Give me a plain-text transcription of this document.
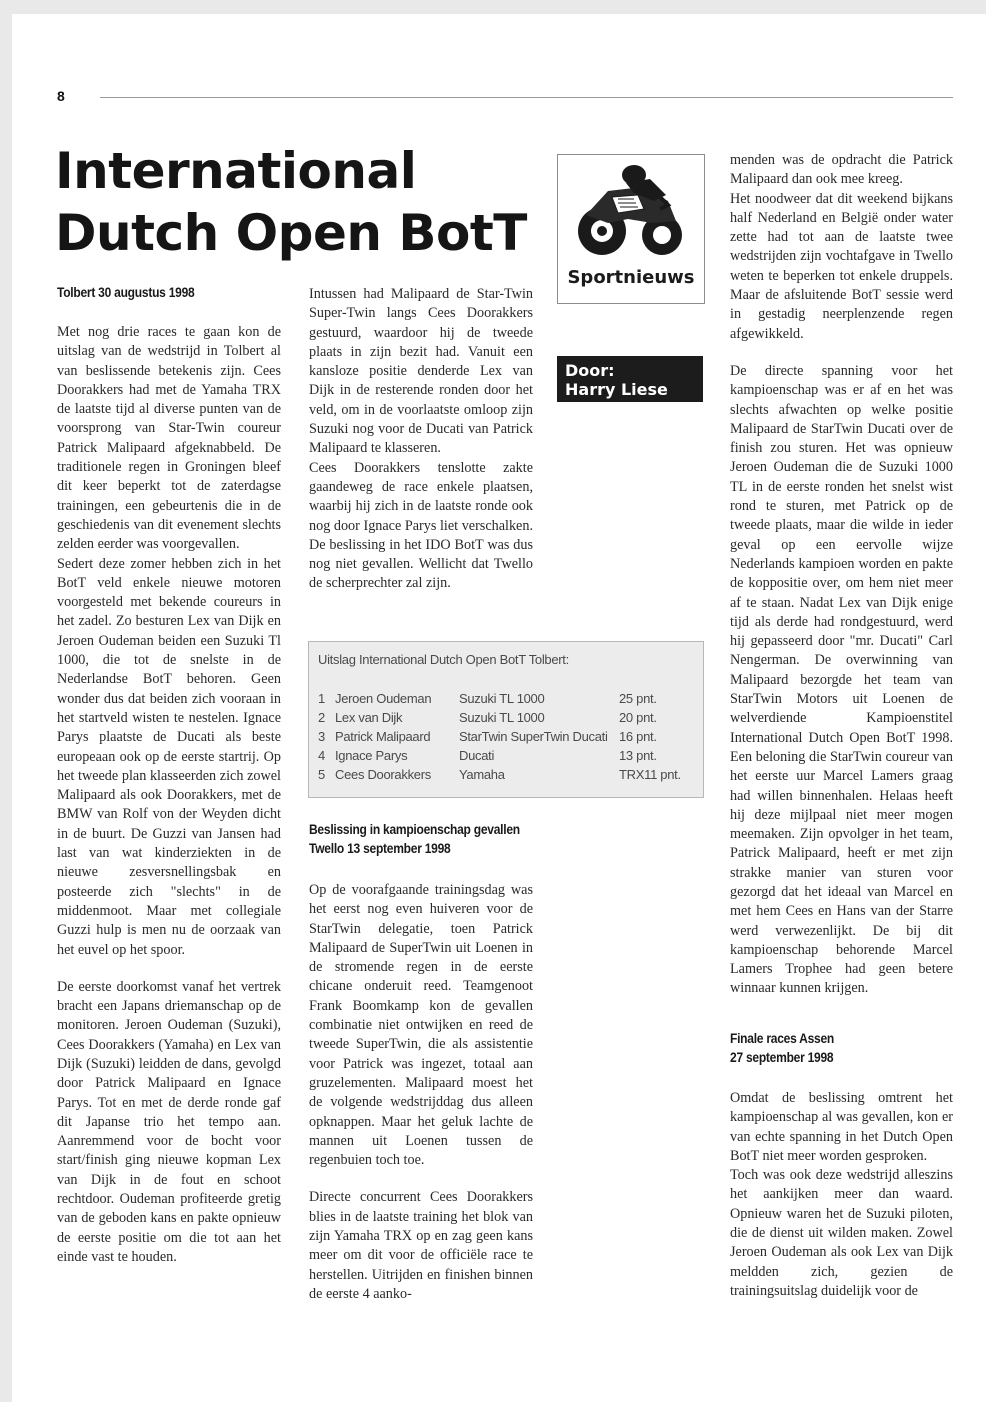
8
International Dutch Open BotT
Tolbert 30 augustus 1998

Met nog drie races te gaan kon de uitslag van de wedstrijd in Tolbert al van beslissende betekenis zijn. Cees Doorakkers had met de Yamaha TRX de laatste tijd al diverse punten van de voorsprong van Star-Twin coureur Patrick Malipaard afgeknabbeld. De traditionele regen in Groningen bleef dit keer beperkt tot de zaterdagse trainingen, een gebeurtenis die in de geschiedenis van dit evenement slechts zelden eerder was voorgevallen.

Sedert deze zomer hebben zich in het BotT veld enkele nieuwe motoren voorgesteld met bekende coureurs in het zadel. Zo besturen Lex van Dijk en Jeroen Oudeman beiden een Suzuki Tl 1000, die tot de snelste in de Nederlandse BotT behoren. Geen wonder dus dat beiden zich vooraan in het startveld wisten te nestelen. Ignace Parys plaatste de Ducati als beste europeaan ook op de eerste startrij. Op het tweede plan klasseerden zich zowel Malipaard als ook Doorakkers, met de BMW van Rolf von der Weyden dicht in de buurt. De Guzzi van Jansen had last van wat kinderziekten in de nieuwe zesversnellingsbak en posteerde zich "slechts" in de middenmoot. Maar met collegiale Guzzi hulp is men nu de oorzaak van het euvel op het spoor.

De eerste doorkomst vanaf het vertrek bracht een Japans driemanschap op de monitoren. Jeroen Oudeman (Suzuki), Cees Doorakkers (Yamaha) en Lex van Dijk (Suzuki) leidden de dans, gevolgd door Patrick Malipaard en Ignace Parys. Tot en met de derde ronde gaf dit Japanse trio het tempo aan. Aanremmend voor de bocht voor start/finish ging nieuwe kopman Lex van Dijk in de fout en schoot rechtdoor. Oudeman profiteerde gretig van de geboden kans en pakte opnieuw de eerste positie om die tot aan het einde vast te houden.

Intussen had Malipaard de Star-Twin Super-Twin langs Cees Doorakkers gestuurd, waardoor hij de tweede plaats in zijn bezit had. Vanuit een kansloze positie denderde Lex van Dijk in de resterende ronden door het veld, om in de voorlaatste omloop zijn Suzuki nog voor de Ducati van Patrick Malipaard te klasseren.

Cees Doorakkers tenslotte zakte gaandeweg de race enkele plaatsen, waarbij hij zich in de laatste ronde ook nog door Ignace Parys liet verschalken. De beslissing in het IDO BotT was dus nog niet gevallen. Wellicht dat Twello de scherprechter zal zijn.

Uitslag International Dutch Open BotT Tolbert:
1 Jeroen Oudeman Suzuki TL 1000	25 pnt.
2 Lex van Dijk	Suzuki TL 1000	20 pnt.
3 Patrick Malipaard StarTwin SuperTwin Ducati 16 pnt.
4 Ignace Parys	Ducati	13 pnt.
5 Cees Doorakkers Yamaha	TRX11 pnt.
Beslissing in kampioenschap gevallen
Twello 13 september 1998

Op de voorafgaande trainingsdag was het eerst nog even huiveren voor de StarTwin delegatie, toen Patrick Malipaard de SuperTwin uit Loenen in de stromende regen in de eerste chicane onderuit reed. Teamgenoot Frank Boomkamp kon de gevallen combinatie niet ontwijken en reed de tweede SuperTwin, die als assistentie voor Patrick was ingezet, totaal aan gruzelementen. Malipaard moest het de volgende wedstrijddag dus alleen opknappen. Maar het geluk lachte de mannen uit Loenen tussen de regenbuien toch toe.

Directe concurrent Cees Doorakkers blies in de laatste training het blok van zijn Yamaha TRX op en zag geen kans meer om dit voor de officiële race te herstellen. Uitrijden en finishen binnen de eerste 4 aanko-

Sportnieuws
Door:
Harry Liese

menden was de opdracht die Patrick Malipaard dan ook mee kreeg.

Het noodweer dat dit weekend bijkans half Nederland en België onder water zette had tot aan de laatste twee wedstrijden zijn vochtafgave in Twello weten te beperken tot enkele druppels. Maar de afsluitende BotT sessie werd in gestadig neerplenzende regen afgewikkeld.

De directe spanning voor het kampioenschap was er af en het was slechts afwachten op welke positie Malipaard de StarTwin Ducati over de finish zou sturen. Het was opnieuw Jeroen Oudeman die de Suzuki 1000 TL in de eerste ronden het snelst wist rond te sturen, met Patrick op de tweede plaats, maar die wilde in ieder geval op een eervolle wijze Nederlands kampioen worden en pakte de koppositie over, om hem niet meer af te staan. Nadat Lex van Dijk enige tijd als derde had rondgestuurd, werd hij gepasseerd door "mr. Ducati" Carl Nengerman. De overwinning van Malipaard bezorgde het team van StarTwin Motors uit Loenen de welverdiende Kampioenstitel International Dutch Open BotT 1998. Een beloning die StarTwin coureur van het eerste uur Marcel Lamers graag had willen binnenhalen. Helaas heeft hij deze mijlpaal niet meer mogen meemaken. Zijn opvolger in het team, Patrick Malipaard, heeft er met zijn strakke manier van sturen voor gezorgd dat het ideaal van Marcel en met hem Cees en Hans van der Starre werd verwezenlijkt. De bij dit kampioenschap behorende Marcel Lamers Trophee had geen betere winnaar kunnen krijgen.

Finale races Assen
27 september 1998

Omdat de beslissing omtrent het kampioenschap al was gevallen, kon er van echte spanning in het Dutch Open BotT niet meer worden gesproken.

Toch was ook deze wedstrijd alleszins het aankijken meer dan waard. Opnieuw waren het de Suzuki piloten, die de dienst uit wilden maken. Zowel Jeroen Oudeman als ook Lex van Dijk meldden zich, gezien de trainingsuitslag duidelijk voor de
